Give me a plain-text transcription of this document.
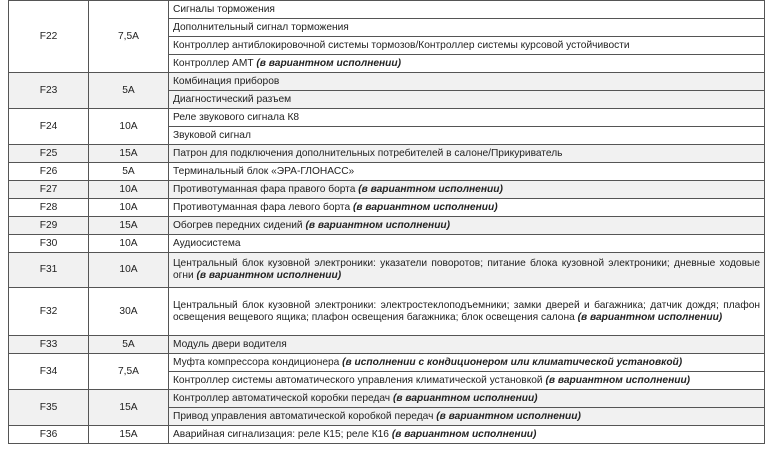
F22	7,5A	Сигналы торможения
		Дополнительный сигнал торможения
		Контроллер антиблокировочной системы тормозов/Контроллер системы курсовой устойчивости
		Контроллер АМТ (в вариантном исполнении)
F23	5A	Комбинация приборов
		Диагностический разъем
F24	10A	Реле звукового сигнала К8
		Звуковой сигнал
F25	15A	Патрон для подключения дополнительных потребителей в салоне/Прикуриватель
F26	5A	Терминальный блок «ЭРА-ГЛОНАСС»
F27	10A	Противотуманная фара правого борта (в вариантном исполнении)
F28	10A	Противотуманная фара левого борта (в вариантном исполнении)
F29	15A	Обогрев передних сидений (в вариантном исполнении)
F30	10A	Аудиосистема
F31	10A	Центральный блок кузовной электроники: указатели поворотов; питание блока кузовной электроники; дневные ходовые огни (в вариантном исполнении)
F32	30A	Центральный блок кузовной электроники: электростеклоподъемники; замки дверей и багажника; датчик дождя; плафон освещения вещевого ящика; плафон освещения багажника; блок освещения салона (в вариантном исполнении)
F33	5A	Модуль двери водителя
F34	7,5A	Муфта компрессора кондиционера (в исполнении с кондиционером или климатической установкой)
		Контроллер системы автоматического управления климатической установкой (в вариантном исполнении)
F35	15A	Контроллер автоматической коробки передач (в вариантном исполнении)
		Привод управления автоматической коробкой передач (в вариантном исполнении)
F36	15A	Аварийная сигнализация: реле К15; реле К16 (в вариантном исполнении)
